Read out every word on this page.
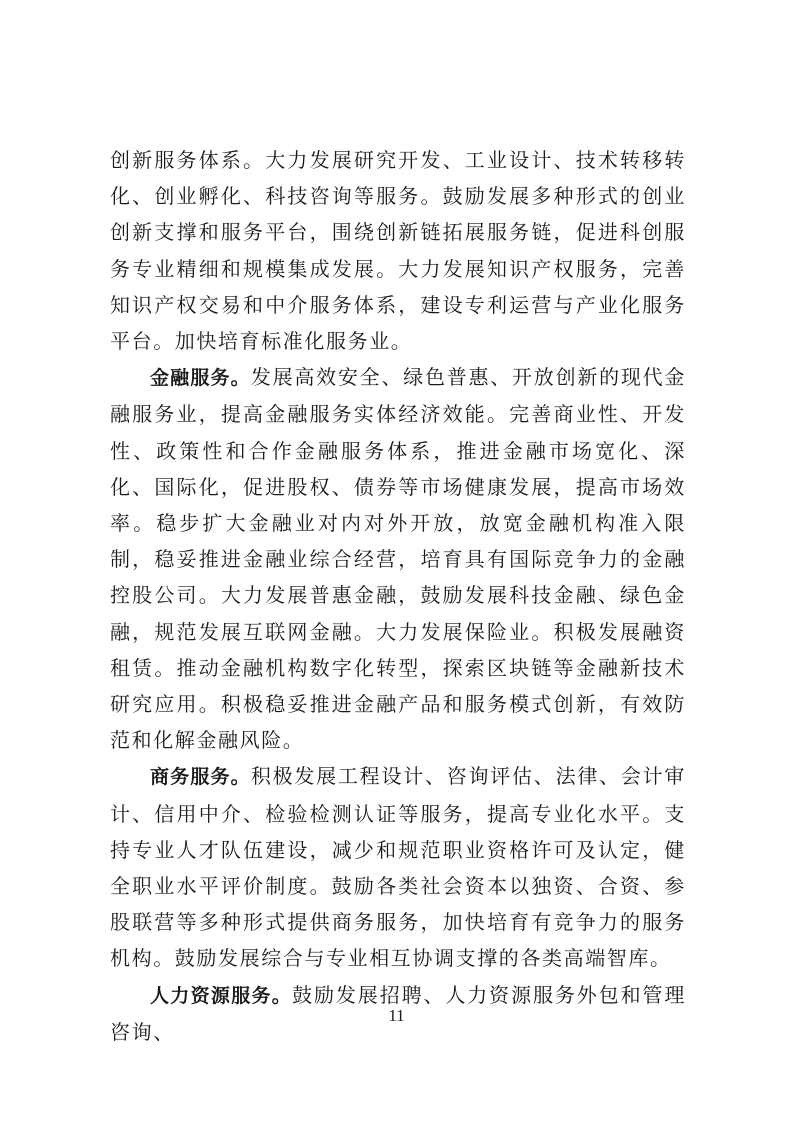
创新服务体系。大力发展研究开发、工业设计、技术转移转化、创业孵化、科技咨询等服务。鼓励发展多种形式的创业创新支撑和服务平台，围绕创新链拓展服务链，促进科创服务专业精细和规模集成发展。大力发展知识产权服务，完善知识产权交易和中介服务体系，建设专利运营与产业化服务平台。加快培育标准化服务业。

金融服务。发展高效安全、绿色普惠、开放创新的现代金融服务业，提高金融服务实体经济效能。完善商业性、开发性、政策性和合作金融服务体系，推进金融市场宽化、深化、国际化，促进股权、债券等市场健康发展，提高市场效率。稳步扩大金融业对内对外开放，放宽金融机构准入限制，稳妥推进金融业综合经营，培育具有国际竞争力的金融控股公司。大力发展普惠金融，鼓励发展科技金融、绿色金融，规范发展互联网金融。大力发展保险业。积极发展融资租赁。推动金融机构数字化转型，探索区块链等金融新技术研究应用。积极稳妥推进金融产品和服务模式创新，有效防范和化解金融风险。

商务服务。积极发展工程设计、咨询评估、法律、会计审计、信用中介、检验检测认证等服务，提高专业化水平。支持专业人才队伍建设，减少和规范职业资格许可及认定，健全职业水平评价制度。鼓励各类社会资本以独资、合资、参股联营等多种形式提供商务服务，加快培育有竞争力的服务机构。鼓励发展综合与专业相互协调支撑的各类高端智库。

人力资源服务。鼓励发展招聘、人力资源服务外包和管理咨询、

11
